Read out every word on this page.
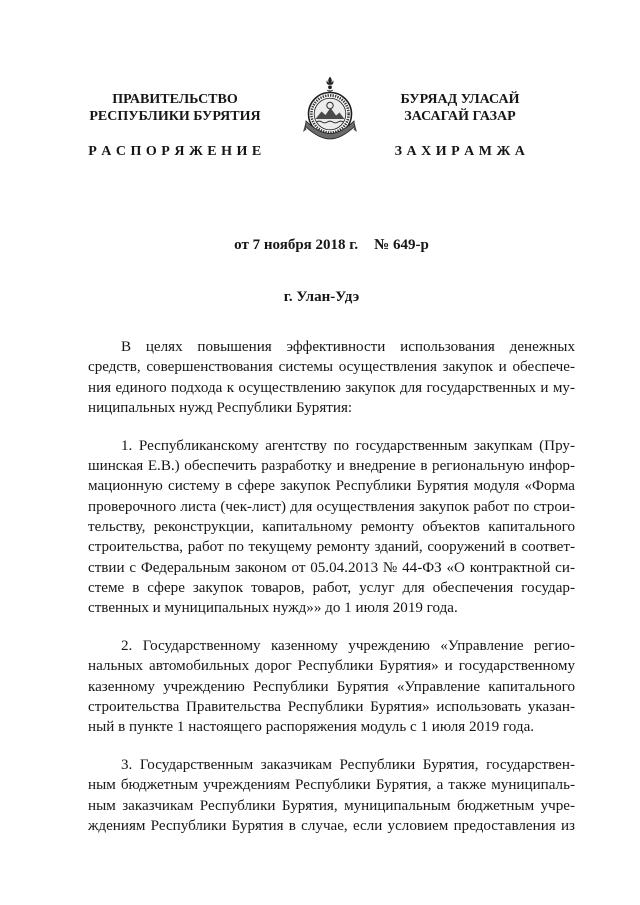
ПРАВИТЕЛЬСТВО
РЕСПУБЛИКИ БУРЯТИЯ
Р А С П О Р Я Ж Е Н И Е
БУРЯАД УЛАСАЙ
ЗАСАГАЙ ГАЗАР
З А Х И Р А М Ж А
от 7 ноября 2018 г. № 649-р
г. Улан-Удэ
В целях повышения эффективности использования денежных
средств, совершенствования системы осуществления закупок и обеспече-
ния единого подхода к осуществлению закупок для государственных и му-
ниципальных нужд Республики Бурятия:
1. Республиканскому агентству по государственным закупкам (Пру-
шинская Е.В.) обеспечить разработку и внедрение в региональную инфор-
мационную систему в сфере закупок Республики Бурятия модуля «Форма
проверочного листа (чек-лист) для осуществления закупок работ по строи-
тельству, реконструкции, капитальному ремонту объектов капитального
строительства, работ по текущему ремонту зданий, сооружений в соответ-
ствии с Федеральным законом от 05.04.2013 № 44-ФЗ «О контрактной си-
стеме в сфере закупок товаров, работ, услуг для обеспечения государ-
ственных и муниципальных нужд»» до 1 июля 2019 года.
2. Государственному казенному учреждению «Управление регио-
нальных автомобильных дорог Республики Бурятия» и государственному
казенному учреждению Республики Бурятия «Управление капитального
строительства Правительства Республики Бурятия» использовать указан-
ный в пункте 1 настоящего распоряжения модуль с 1 июля 2019 года.
3. Государственным заказчикам Республики Бурятия, государствен-
ным бюджетным учреждениям Республики Бурятия, а также муниципаль-
ным заказчикам Республики Бурятия, муниципальным бюджетным учре-
ждениям Республики Бурятия в случае, если условием предоставления из
